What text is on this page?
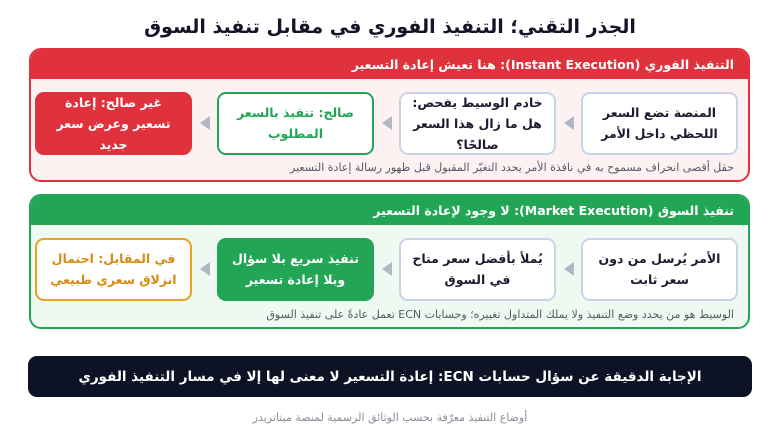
الجذر التقني؛ التنفيذ الفوري في مقابل تنفيذ السوق
التنفيذ الفوري (Instant Execution): هنا تعيش إعادة التسعير
المنصة تضع السعر اللحظي داخل الأمر
خادم الوسيط يفحص: هل ما زال هذا السعر صالحًا؟
صالح: تنفيذ بالسعر المطلوب
غير صالح: إعادة تسعير وعرض سعر جديد
حقل أقصى انحراف مسموح به في نافذة الأمر يحدد التغيّر المقبول قبل ظهور رسالة إعادة التسعير
تنفيذ السوق (Market Execution): لا وجود لإعادة التسعير
الأمر يُرسل من دون سعر ثابت
يُملأ بأفضل سعر متاح في السوق
تنفيذ سريع بلا سؤال وبلا إعادة تسعير
في المقابل: احتمال انزلاق سعري طبيعي
الوسيط هو من يحدد وضع التنفيذ ولا يملك المتداول تغييره؛ وحسابات ECN تعمل عادةً على تنفيذ السوق
الإجابة الدقيقة عن سؤال حسابات ECN: إعادة التسعير لا معنى لها إلا في مسار التنفيذ الفوري
أوضاع التنفيذ معرّفة بحسب الوثائق الرسمية لمنصة ميتاتريدر
